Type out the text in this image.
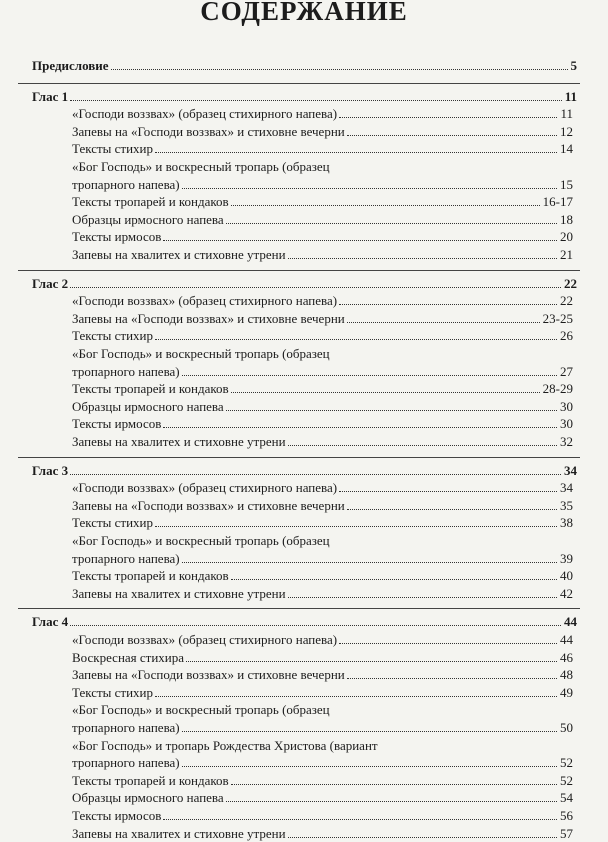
СОДЕРЖАНИЕ
Предисловие	5
Глас 1	11
«Господи воззвах» (образец стихирного напева)	11
Запевы на «Господи воззвах» и стиховне вечерни	12
Тексты стихир	14
«Бог Господь» и воскресный тропарь (образец
тропарного напева)	15
Тексты тропарей и кондаков	16-17
Образцы ирмосного напева	18
Тексты ирмосов	20
Запевы на хвалитех и стиховне утрени	21
Глас 2	22
«Господи воззвах» (образец стихирного напева)	22
Запевы на «Господи воззвах» и стиховне вечерни	23-25
Тексты стихир	26
«Бог Господь» и воскресный тропарь (образец
тропарного напева)	27
Тексты тропарей и кондаков	28-29
Образцы ирмосного напева	30
Тексты ирмосов	30
Запевы на хвалитех и стиховне утрени	32
Глас 3	34
«Господи воззвах» (образец стихирного напева)	34
Запевы на «Господи воззвах» и стиховне вечерни	35
Тексты стихир	38
«Бог Господь» и воскресный тропарь (образец
тропарного напева)	39
Тексты тропарей и кондаков	40
Запевы на хвалитех и стиховне утрени	42
Глас 4	44
«Господи воззвах» (образец стихирного напева)	44
Воскресная стихира	46
Запевы на «Господи воззвах» и стиховне вечерни	48
Тексты стихир	49
«Бог Господь» и воскресный тропарь (образец
тропарного напева)	50
«Бог Господь» и тропарь Рождества Христова (вариант
тропарного напева)	52
Тексты тропарей и кондаков	52
Образцы ирмосного напева	54
Тексты ирмосов	56
Запевы на хвалитех и стиховне утрени	57
